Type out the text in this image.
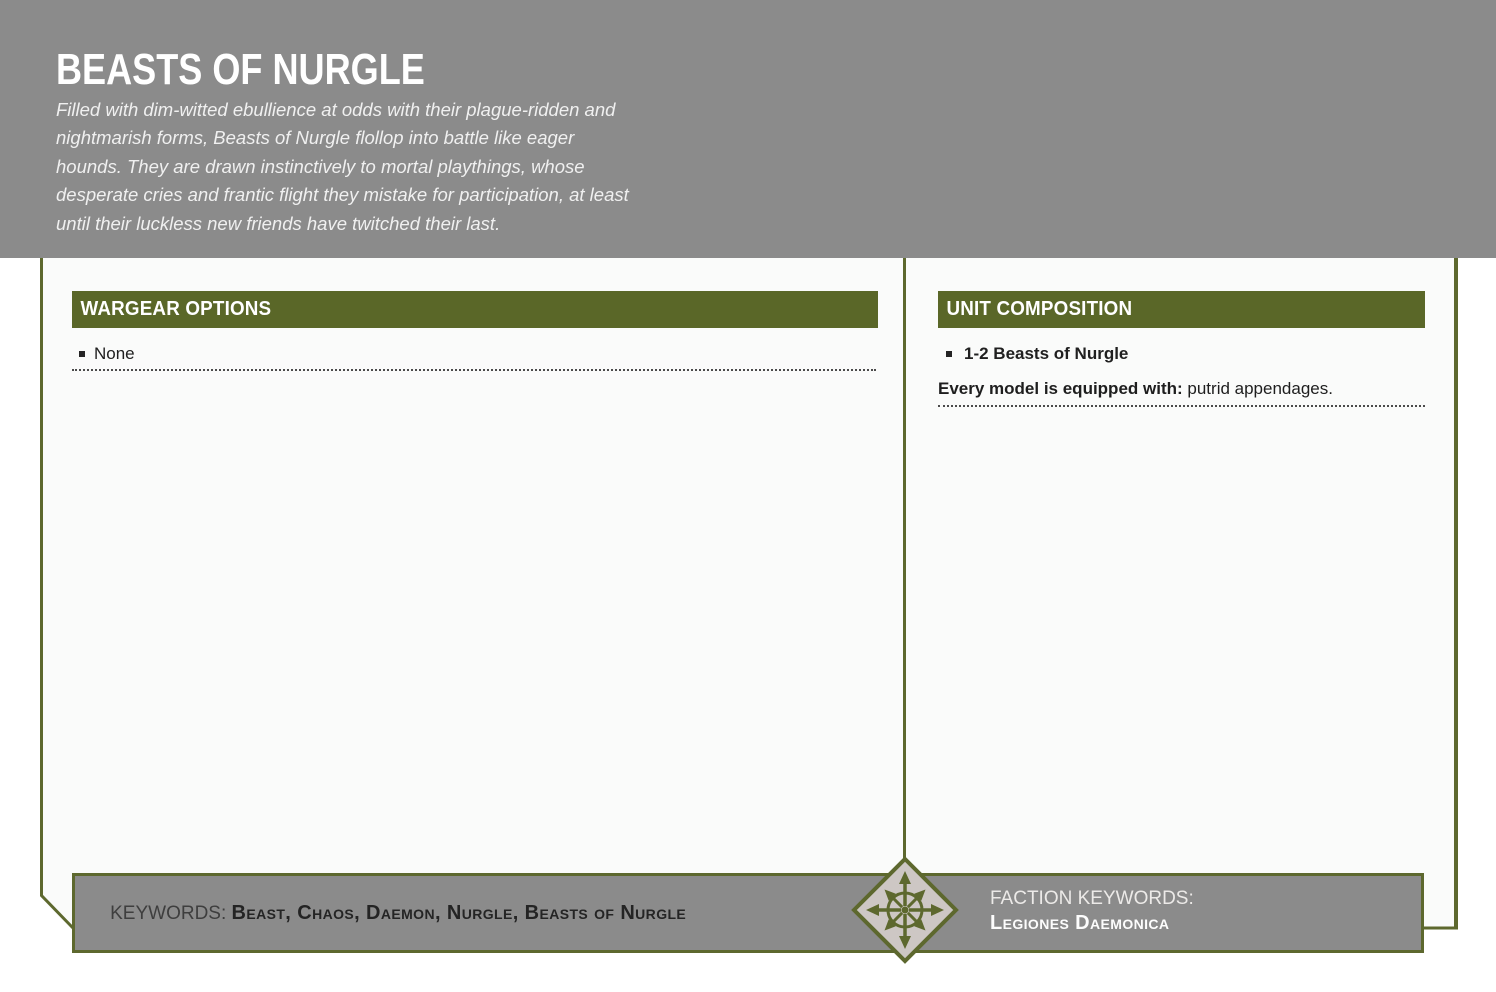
BEASTS OF NURGLE

Filled with dim-witted ebullience at odds with their plague-ridden and nightmarish forms, Beasts of Nurgle flollop into battle like eager hounds. They are drawn instinctively to mortal playthings, whose desperate cries and frantic flight they mistake for participation, at least until their luckless new friends have twitched their last.

WARGEAR OPTIONS
None
UNIT COMPOSITION
1-2 Beasts of Nurgle
Every model is equipped with: putrid appendages.

KEYWORDS: Beast, Chaos, Daemon, Nurgle, Beasts of Nurgle

FACTION KEYWORDS:
Legiones Daemonica
